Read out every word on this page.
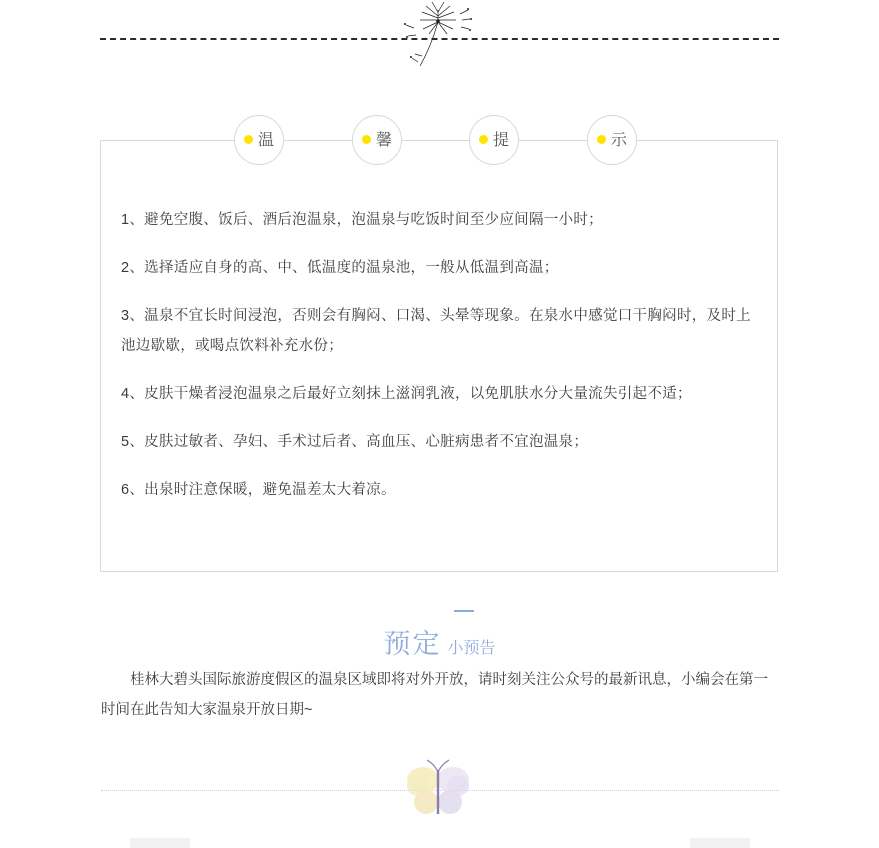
温	馨	提	示
1、避免空腹、饭后、酒后泡温泉，泡温泉与吃饭时间至少应间隔一小时；
2、选择适应自身的高、中、低温度的温泉池，一般从低温到高温；
3、温泉不宜长时间浸泡，否则会有胸闷、口渴、头晕等现象。在泉水中感觉口干胸闷时，及时上池边歇歇，或喝点饮料补充水份；
4、皮肤干燥者浸泡温泉之后最好立刻抹上滋润乳液，以免肌肤水分大量流失引起不适；
5、皮肤过敏者、孕妇、手术过后者、高血压、心脏病患者不宜泡温泉；
6、出泉时注意保暖，避免温差太大着凉。
预定 小预告
桂林大碧头国际旅游度假区的温泉区域即将对外开放，请时刻关注公众号的最新讯息，小编会在第一时间在此告知大家温泉开放日期~
